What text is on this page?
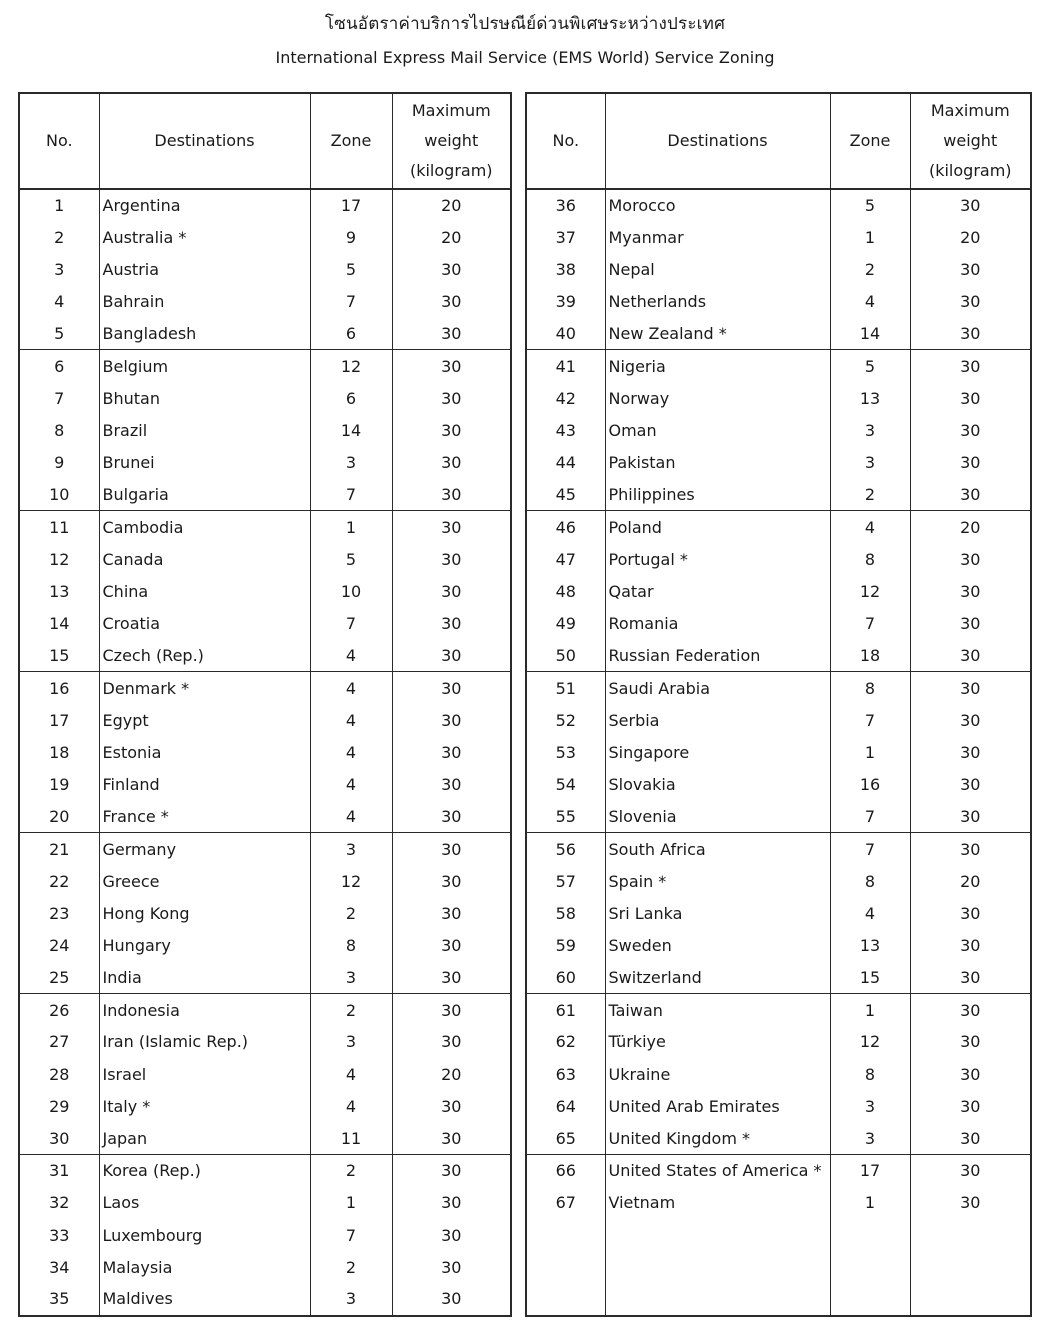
โซนอัตราค่าบริการไปรษณีย์ด่วนพิเศษระหว่างประเทศ
International Express Mail Service (EMS World) Service Zoning
No.	Destinations	Zone	Maximum
weight
(kilogram)

1	Argentina	17	20
2	Australia *	9	20
3	Austria	5	30
4	Bahrain	7	30
5	Bangladesh	6	30
6	Belgium	12	30
7	Bhutan	6	30
8	Brazil	14	30
9	Brunei	3	30
10	Bulgaria	7	30
11	Cambodia	1	30
12	Canada	5	30
13	China	10	30
14	Croatia	7	30
15	Czech (Rep.)	4	30
16	Denmark *	4	30
17	Egypt	4	30
18	Estonia	4	30
19	Finland	4	30
20	France *	4	30
21	Germany	3	30
22	Greece	12	30
23	Hong Kong	2	30
24	Hungary	8	30
25	India	3	30
26	Indonesia	2	30
27	Iran (Islamic Rep.)	3	30
28	Israel	4	20
29	Italy *	4	30
30	Japan	11	30
31	Korea (Rep.)	2	30
32	Laos	1	30
33	Luxembourg	7	30
34	Malaysia	2	30
35	Maldives	3	30
No.	Destinations	Zone	Maximum
weight
(kilogram)

36	Morocco	5	30
37	Myanmar	1	20
38	Nepal	2	30
39	Netherlands	4	30
40	New Zealand *	14	30
41	Nigeria	5	30
42	Norway	13	30
43	Oman	3	30
44	Pakistan	3	30
45	Philippines	2	30
46	Poland	4	20
47	Portugal *	8	30
48	Qatar	12	30
49	Romania	7	30
50	Russian Federation	18	30
51	Saudi Arabia	8	30
52	Serbia	7	30
53	Singapore	1	30
54	Slovakia	16	30
55	Slovenia	7	30
56	South Africa	7	30
57	Spain *	8	20
58	Sri Lanka	4	30
59	Sweden	13	30
60	Switzerland	15	30
61	Taiwan	1	30
62	Türkiye	12	30
63	Ukraine	8	30
64	United Arab Emirates	3	30
65	United Kingdom *	3	30
66	United States of America *	17	30
67	Vietnam	1	30
